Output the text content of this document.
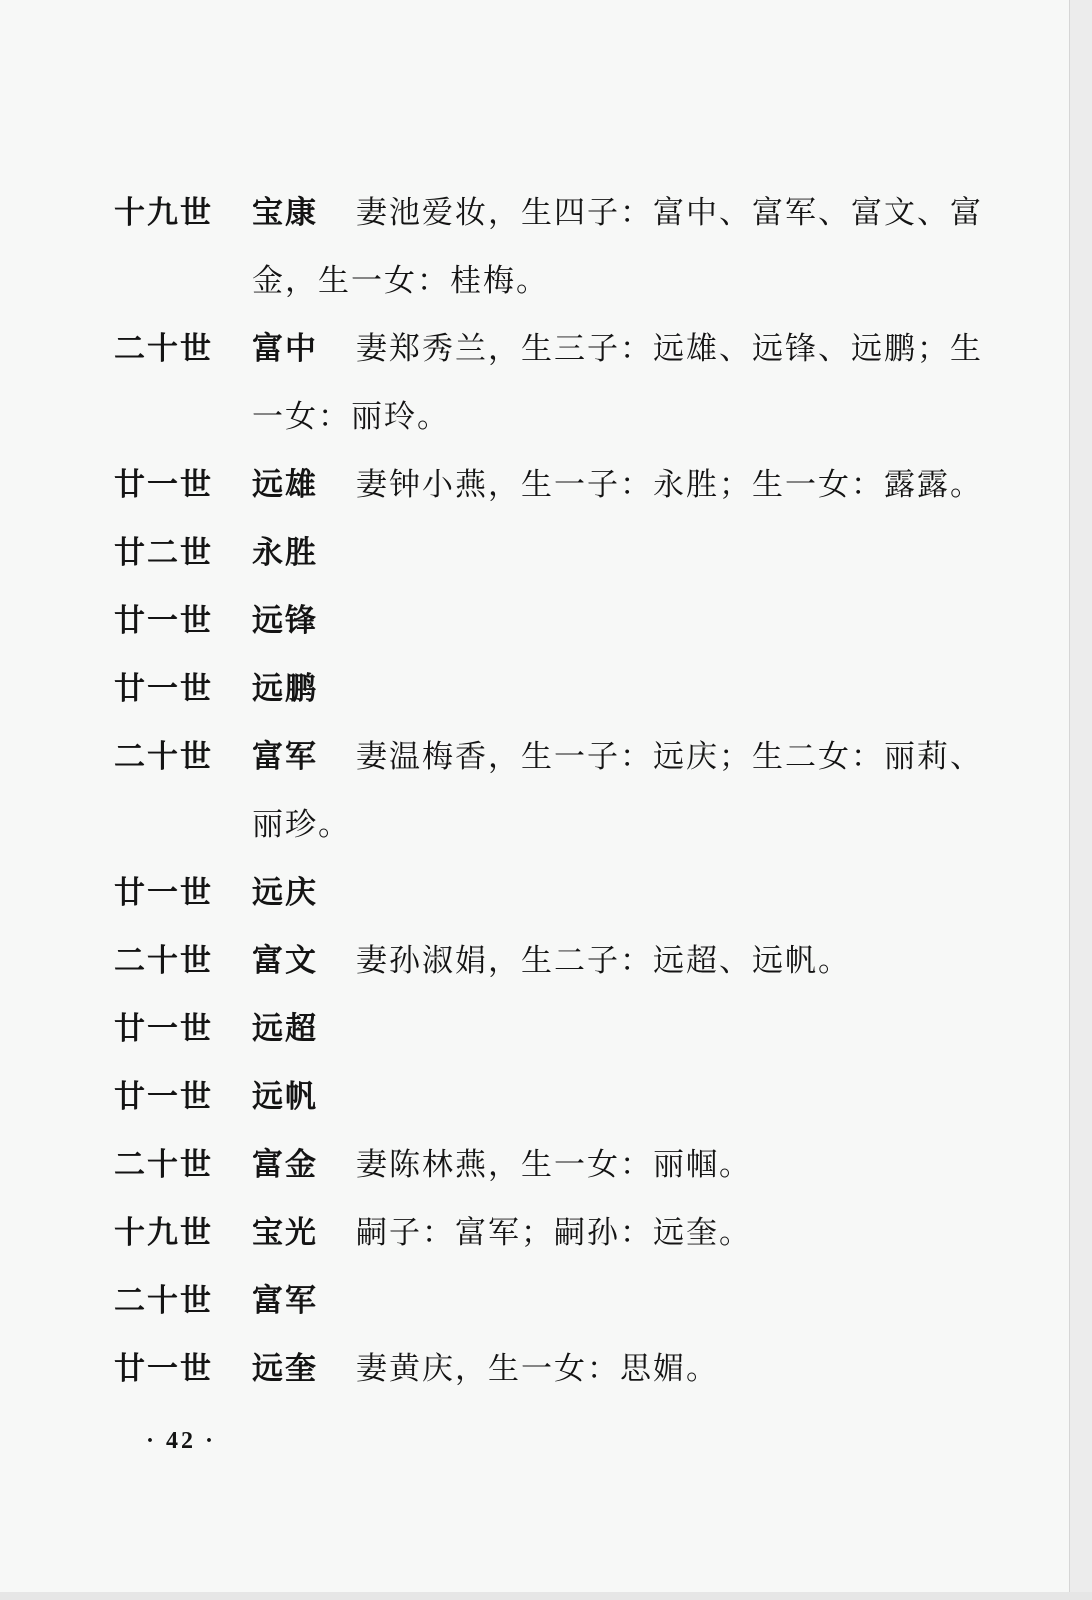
十九世 宝康 妻池爱妆，生四子：富中、富军、富文、富
金，生一女：桂梅。
二十世 富中 妻郑秀兰，生三子：远雄、远锋、远鹏；生
一女：丽玲。
廿一世 远雄 妻钟小燕，生一子：永胜；生一女：露露。
廿二世 永胜
廿一世 远锋
廿一世 远鹏
二十世 富军 妻温梅香，生一子：远庆；生二女：丽莉、
丽珍。
廿一世 远庆
二十世 富文 妻孙淑娟，生二子：远超、远帆。
廿一世 远超
廿一世 远帆
二十世 富金 妻陈林燕，生一女：丽帼。
十九世 宝光 嗣子：富军；嗣孙：远奎。
二十世 富军
廿一世 远奎 妻黄庆，生一女：思媚。
· 42 ·
